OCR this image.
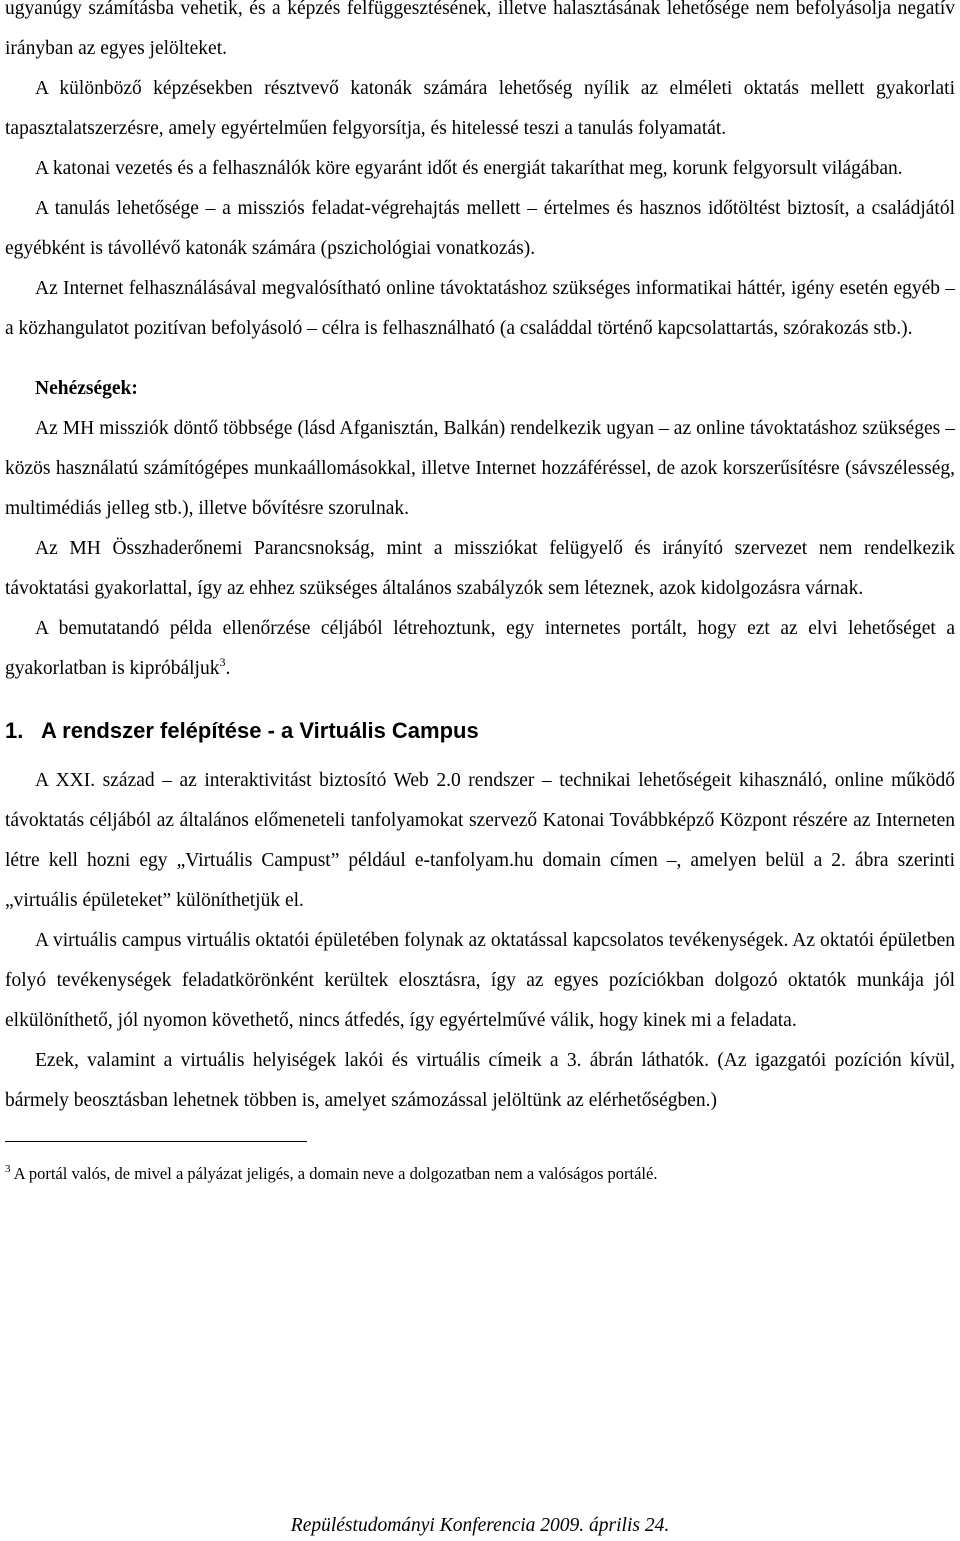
ugyanúgy számításba vehetik, és a képzés felfüggesztésének, illetve halasztásának lehetősége nem befolyásolja negatív irányban az egyes jelölteket.

A különböző képzésekben résztvevő katonák számára lehetőség nyílik az elméleti oktatás mellett gyakorlati tapasztalatszerzésre, amely egyértelműen felgyorsítja, és hitelessé teszi a tanulás folyamatát.

A katonai vezetés és a felhasználók köre egyaránt időt és energiát takaríthat meg, korunk felgyorsult világában.

A tanulás lehetősége – a missziós feladat-végrehajtás mellett – értelmes és hasznos időtöltést biztosít, a családjától egyébként is távollévő katonák számára (pszichológiai vonatkozás).

Az Internet felhasználásával megvalósítható online távoktatáshoz szükséges informatikai háttér, igény esetén egyéb – a közhangulatot pozitívan befolyásoló – célra is felhasználható (a családdal történő kapcsolattartás, szórakozás stb.).

Nehézségek:

Az MH missziók döntő többsége (lásd Afganisztán, Balkán) rendelkezik ugyan – az online távoktatáshoz szükséges – közös használatú számítógépes munkaállomásokkal, illetve Internet hozzáféréssel, de azok korszerűsítésre (sávszélesség, multimédiás jelleg stb.), illetve bővítésre szorulnak.

Az MH Összhaderőnemi Parancsnokság, mint a missziókat felügyelő és irányító szervezet nem rendelkezik távoktatási gyakorlattal, így az ehhez szükséges általános szabályzók sem léteznek, azok kidolgozásra várnak.

A bemutatandó példa ellenőrzése céljából létrehoztunk, egy internetes portált, hogy ezt az elvi lehetőséget a gyakorlatban is kipróbáljuk$^3$.

1. A rendszer felépítése - a Virtuális Campus

A XXI. század – az interaktivitást biztosító Web 2.0 rendszer – technikai lehetőségeit kihasználó, online működő távoktatás céljából az általános előmeneteli tanfolyamokat szervező Katonai Továbbképző Központ részére az Interneten létre kell hozni egy „Virtuális Campust” például e-tanfolyam.hu domain címen –, amelyen belül a 2. ábra szerinti „virtuális épületeket” különíthetjük el.

A virtuális campus virtuális oktatói épületében folynak az oktatással kapcsolatos tevékenységek. Az oktatói épületben folyó tevékenységek feladatkörönként kerültek elosztásra, így az egyes pozíciókban dolgozó oktatók munkája jól elkülöníthető, jól nyomon követhető, nincs átfedés, így egyértelművé válik, hogy kinek mi a feladata.

Ezek, valamint a virtuális helyiségek lakói és virtuális címeik a 3. ábrán láthatók. (Az igazgatói pozíción kívül, bármely beosztásban lehetnek többen is, amelyet számozással jelöltünk az elérhetőségben.)

$^3$ A portál valós, de mivel a pályázat jeligés, a domain neve a dolgozatban nem a valóságos portálé.

Repüléstudományi Konferencia 2009. április 24.
